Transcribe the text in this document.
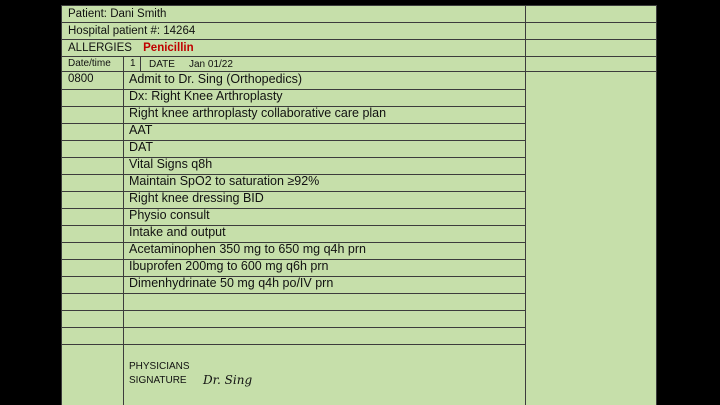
Patient: Dani Smith
Hospital patient #: 14264
ALLERGIES Penicillin
Date/time 1 DATE Jan 01/22
0800	Admit to Dr. Sing (Orthopedics)
Dx: Right Knee Arthroplasty
Right knee arthroplasty collaborative care plan
AAT
DAT
Vital Signs q8h
Maintain SpO2 to saturation ≥92%
Right knee dressing BID
Physio consult
Intake and output
Acetaminophen 350 mg to 650 mg q4h prn
Ibuprofen 200mg to 600 mg q6h prn
Dimenhydrinate 50 mg q4h po/IV prn
PHYSICIANS
SIGNATURE Dr. Sing
